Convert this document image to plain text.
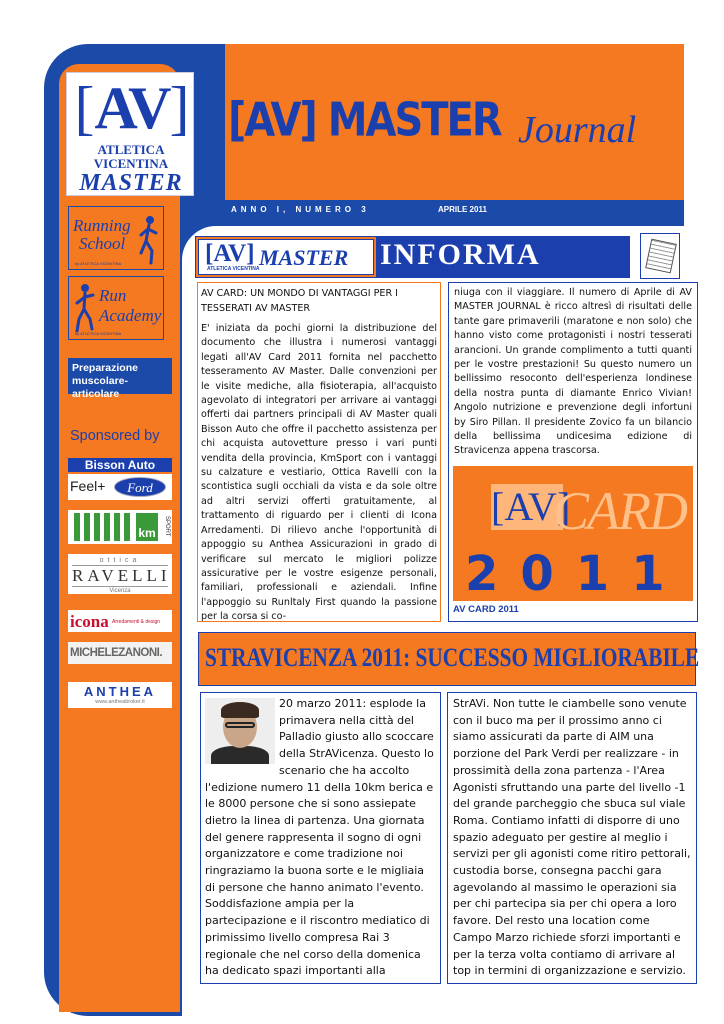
[AV]
ATLETICA
VICENTINA
MASTER
Running
School
by ATLETICA VICENTINA
Run
Academy
by ATLETICA VICENTINA
Preparazione muscolare-articolare
Sponsored by
Bisson Auto
Feel+	Ford
km	SPORT
ottica
RAVELLI
Vicenza
icona Arredamenti & design
MICHELEZANONI.
ANTHEA
www.antheabroker.it
[AV] MASTER Journal
ANNO I, NUMERO 3	APRILE 2011
[AV]
ATLETICA VICENTINA MASTER INFORMA
AV CARD: UN MONDO DI VANTAGGI PER I TESSERATI AV MASTER
E' iniziata da pochi giorni la distribuzione del documento che illustra i numerosi vantaggi legati all'AV Card 2011 fornita nel pacchetto tesseramento AV Master. Dalle convenzioni per le visite mediche, alla fisioterapia, all'acquisto agevolato di integratori per arrivare ai vantaggi offerti dai partners principali di AV Master quali Bisson Auto che offre il pacchetto assistenza per chi acquista autovetture presso i vari punti vendita della provincia, KmSport con i vantaggi su calzature e vestiario, Ottica Ravelli con la scontistica sugli occhiali da vista e da sole oltre ad altri servizi offerti gratuitamente, al trattamento di riguardo per i clienti di Icona Arredamenti. Di rilievo anche l'opportunità di appoggio su Anthea Assicurazioni in grado di verificare sul mercato le migliori polizze assicurative per le vostre esigenze personali, familiari, professionali e aziendali. Infine l'appoggio su Runltaly First quando la passione per la corsa si co-
niuga con il viaggiare. Il numero di Aprile di AV MASTER JOURNAL è ricco altresì di risultati delle tante gare primaverili (maratone e non solo) che hanno visto come protagonisti i nostri tesserati arancioni. Un grande complimento a tutti quanti per le vostre prestazioni! Su questo numero un bellissimo resoconto dell'esperienza londinese della nostra punta di diamante Enrico Vivian! Angolo nutrizione e prevenzione degli infortuni by Siro Pillan. Il presidente Zovico fa un bilancio della bellissima undicesima edizione di Stravicenza appena trascorsa.
[AV]
CARD
2011
AV CARD 2011
STRAVICENZA 2011: SUCCESSO MIGLIORABILE
20 marzo 2011: esplode la primavera nella città del Palladio giusto allo scoccare della StrAVicenza. Questo lo scenario che ha accolto l'edizione numero 11 della 10km berica e le 8000 persone che si sono assiepate dietro la linea di partenza. Una giornata del genere rappresenta il sogno di ogni organizzatore e come tradizione noi ringraziamo la buona sorte e le migliaia di persone che hanno animato l'evento. Soddisfazione ampia per la partecipazione e il riscontro mediatico di primissimo livello compresa Rai 3 regionale che nel corso della domenica ha dedicato spazi importanti alla
StrAVi. Non tutte le ciambelle sono venute con il buco ma per il prossimo anno ci siamo assicurati da parte di AIM una porzione del Park Verdi per realizzare - in prossimità della zona partenza - l'Area Agonisti sfruttando una parte del livello -1 del grande parcheggio che sbuca sul viale Roma. Contiamo infatti di disporre di uno spazio adeguato per gestire al meglio i servizi per gli agonisti come ritiro pettorali, custodia borse, consegna pacchi gara agevolando al massimo le operazioni sia per chi partecipa sia per chi opera a loro favore. Del resto una location come Campo Marzo richiede sforzi importanti e per la terza volta contiamo di arrivare al top in termini di organizzazione e servizio.
